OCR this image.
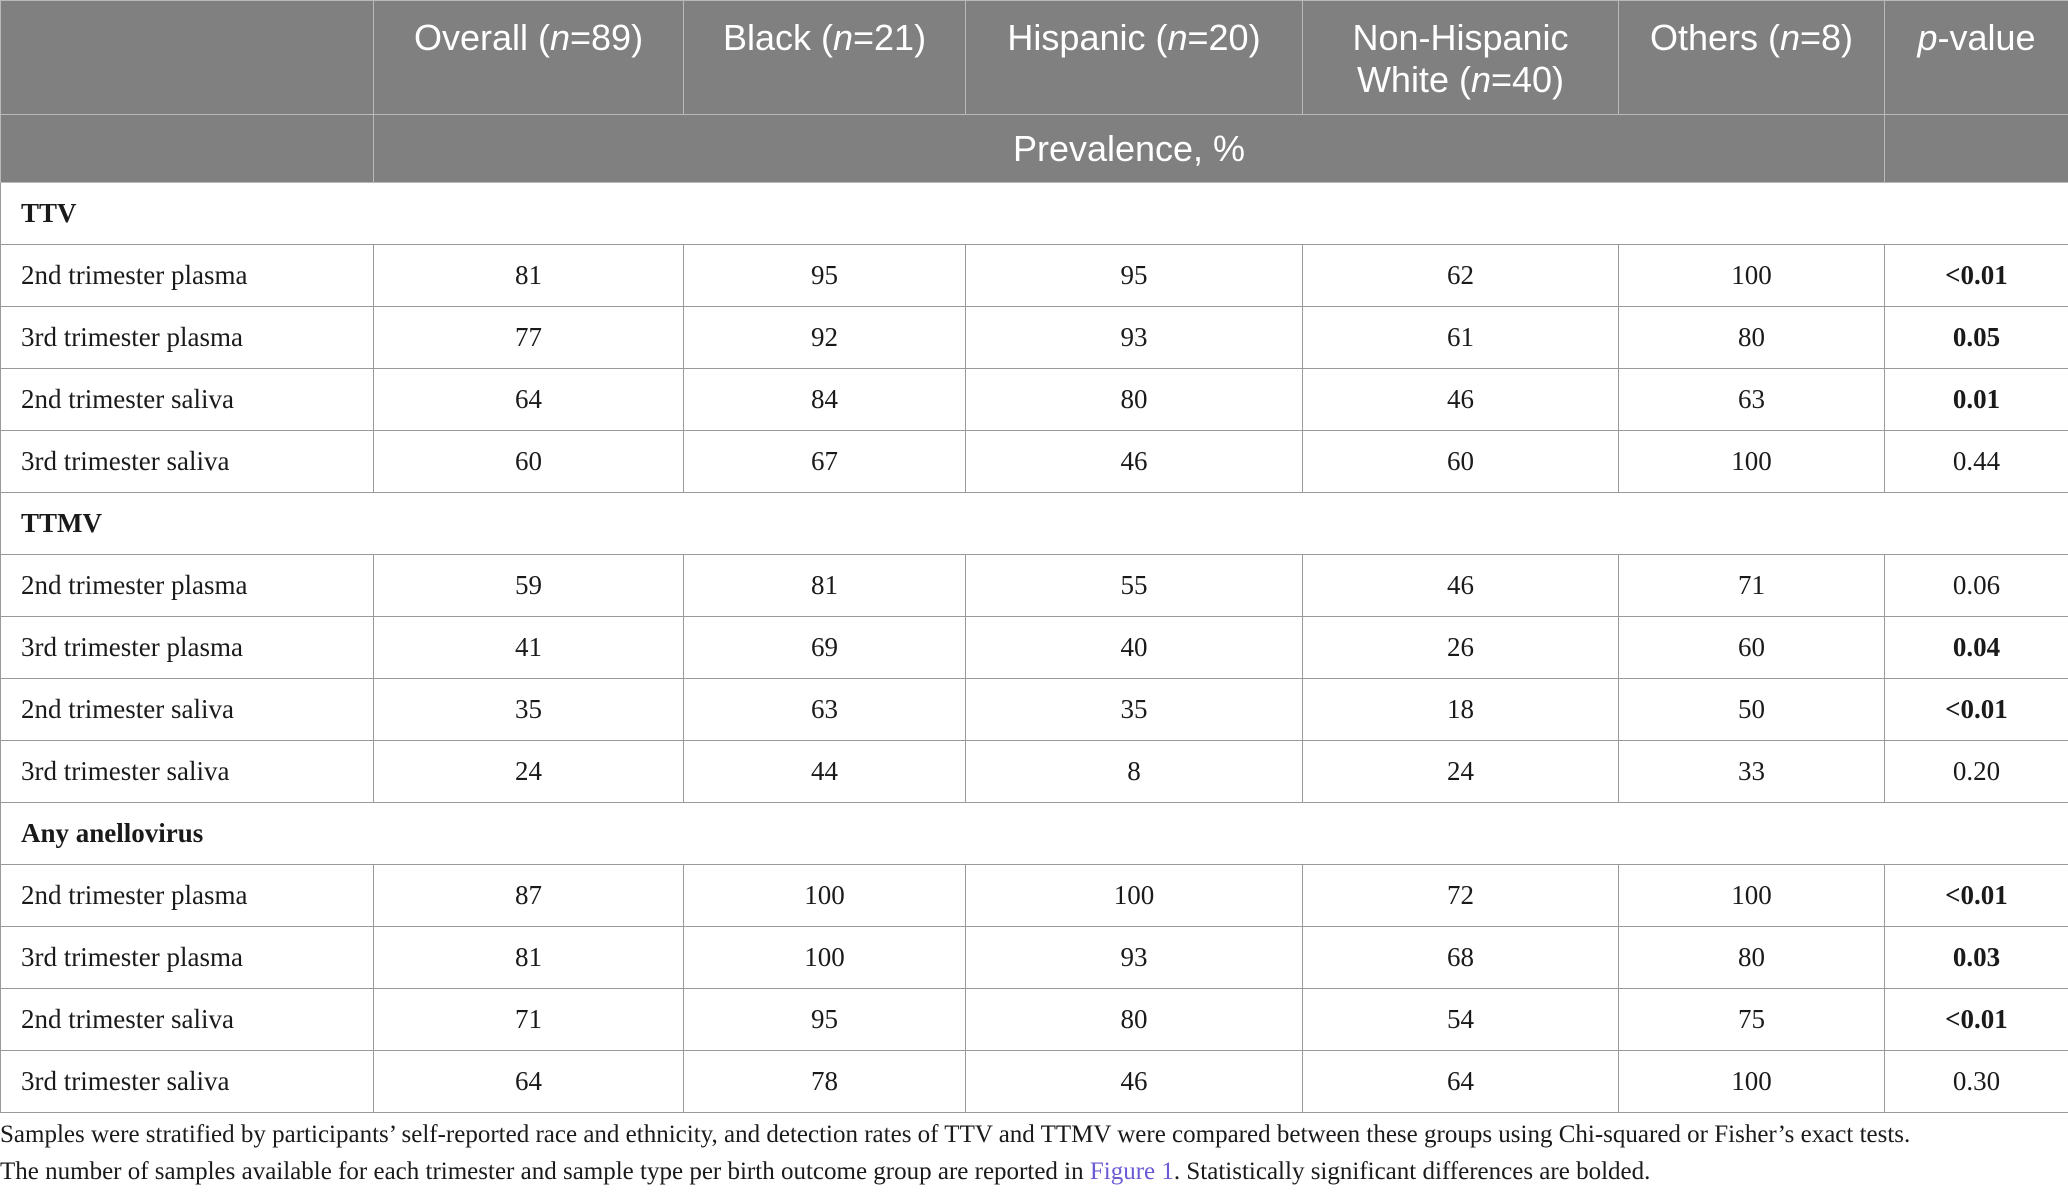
	Overall (n=89)	Black (n=21)	Hispanic (n=20)	Non-Hispanic White (n=40)	Others (n=8)	p-value
	Prevalence, %					
TTV						
2nd trimester plasma	81	95	95	62	100	<0.01
3rd trimester plasma	77	92	93	61	80	0.05
2nd trimester saliva	64	84	80	46	63	0.01
3rd trimester saliva	60	67	46	60	100	0.44
TTMV						
2nd trimester plasma	59	81	55	46	71	0.06
3rd trimester plasma	41	69	40	26	60	0.04
2nd trimester saliva	35	63	35	18	50	<0.01
3rd trimester saliva	24	44	8	24	33	0.20
Any anellovirus						
2nd trimester plasma	87	100	100	72	100	<0.01
3rd trimester plasma	81	100	93	68	80	0.03
2nd trimester saliva	71	95	80	54	75	<0.01
3rd trimester saliva	64	78	46	64	100	0.30
Samples were stratified by participants’ self-reported race and ethnicity, and detection rates of TTV and TTMV were compared between these groups using Chi-squared or Fisher’s exact tests.
The number of samples available for each trimester and sample type per birth outcome group are reported in Figure 1. Statistically significant differences are bolded.
